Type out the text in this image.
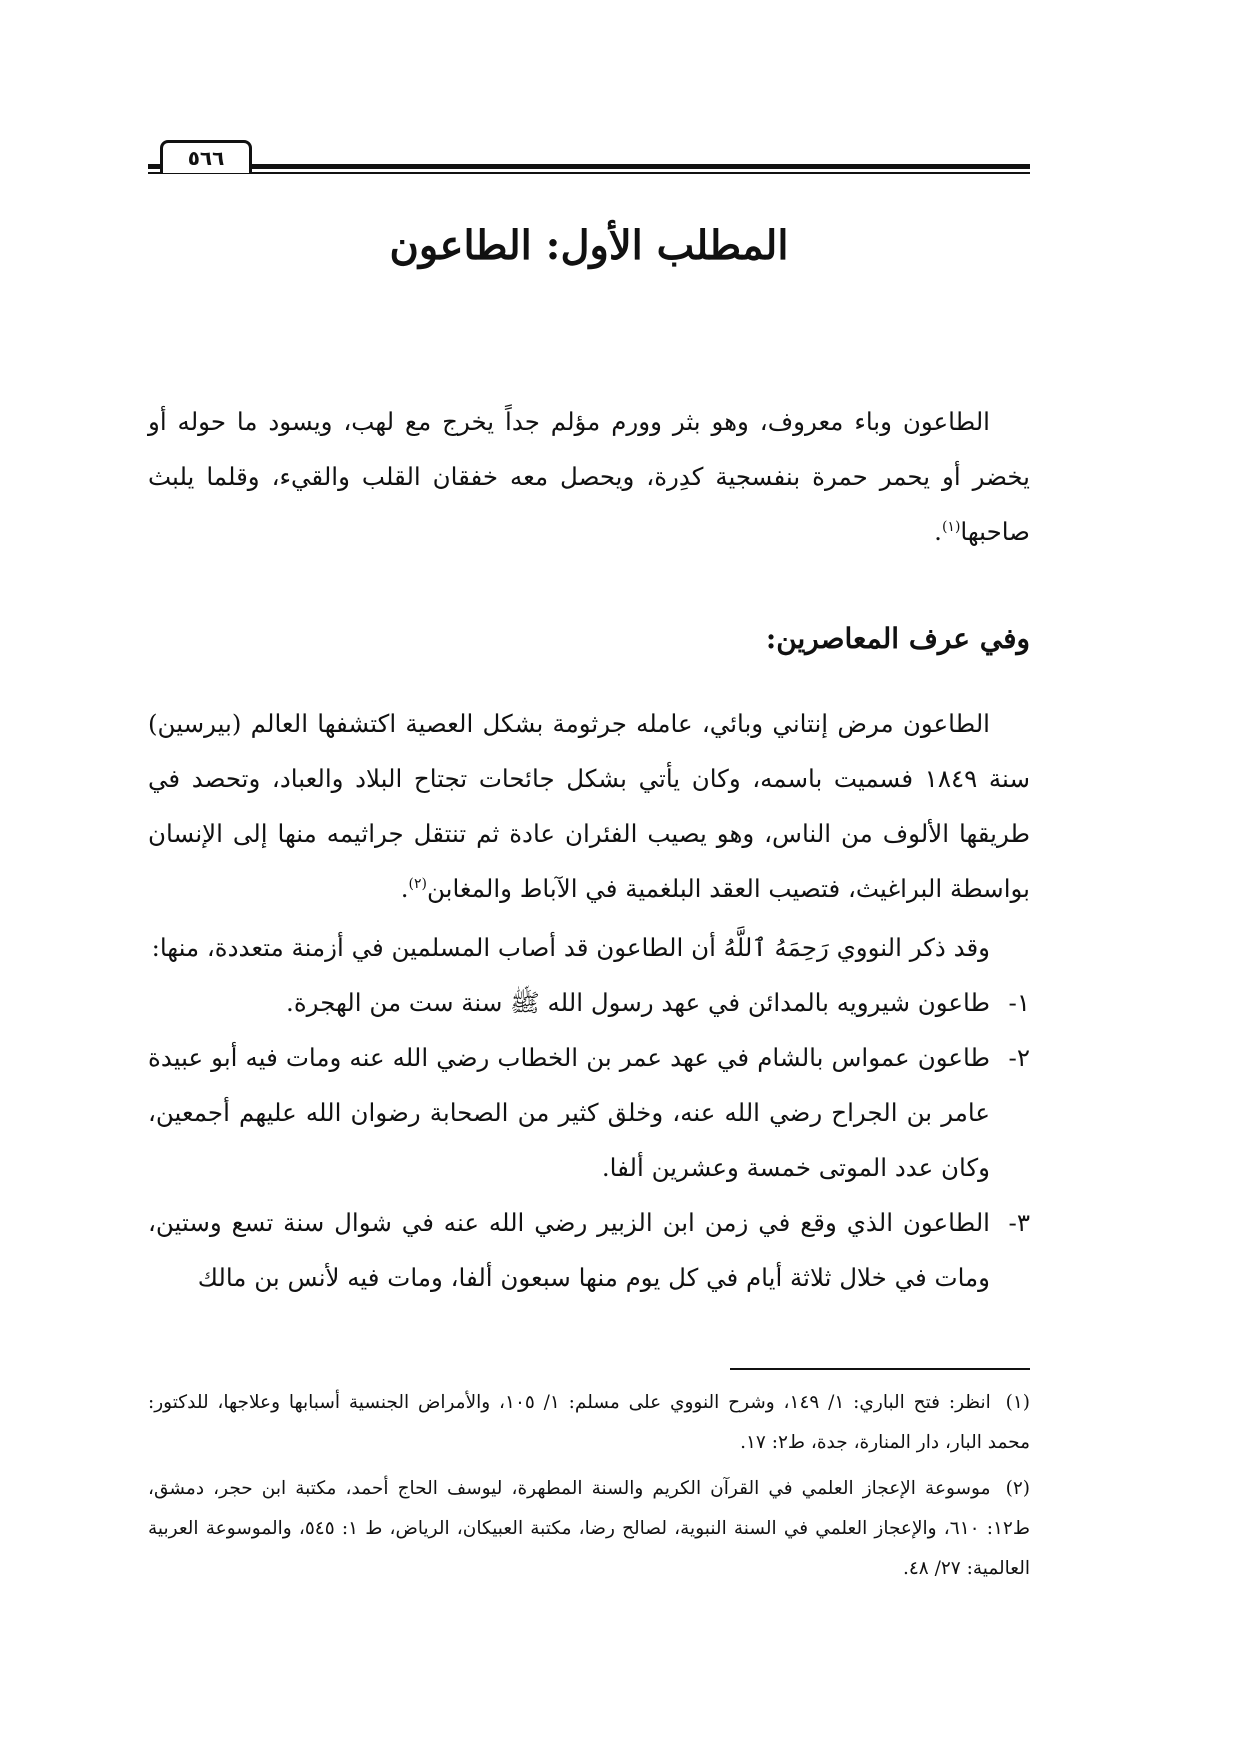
٥٦٦
المطلب الأول: الطاعون

الطاعون وباء معروف، وهو بثر وورم مؤلم جداً يخرج مع لهب، ويسود ما حوله أو يخضر أو يحمر حمرة بنفسجية كدِرة، ويحصل معه خفقان القلب والقيء، وقلما يلبث صاحبها$^{(١)}$.

وفي عرف المعاصرين:

الطاعون مرض إنتاني وبائي، عامله جرثومة بشكل العصية اكتشفها العالم (بيرسين) سنة ١٨٤٩ فسميت باسمه، وكان يأتي بشكل جائحات تجتاح البلاد والعباد، وتحصد في طريقها الألوف من الناس، وهو يصيب الفئران عادة ثم تنتقل جراثيمه منها إلى الإنسان بواسطة البراغيث، فتصيب العقد البلغمية في الآباط والمغابن$^{(٢)}$.

وقد ذكر النووي رَحِمَهُ ٱللَّهُ أن الطاعون قد أصاب المسلمين في أزمنة متعددة، منها:

١-
طاعون شيرويه بالمدائن في عهد رسول الله ﷺ سنة ست من الهجرة.
٢-
طاعون عمواس بالشام في عهد عمر بن الخطاب رضي الله عنه ومات فيه أبو عبيدة عامر بن الجراح رضي الله عنه، وخلق كثير من الصحابة رضوان الله عليهم أجمعين، وكان عدد الموتى خمسة وعشرين ألفا.
٣-
الطاعون الذي وقع في زمن ابن الزبير رضي الله عنه في شوال سنة تسع وستين، ومات في خلال ثلاثة أيام في كل يوم منها سبعون ألفا، ومات فيه لأنس بن مالك
(١) انظر: فتح الباري: ١/ ١٤٩، وشرح النووي على مسلم: ١/ ١٠٥، والأمراض الجنسية أسبابها وعلاجها، للدكتور: محمد البار، دار المنارة، جدة، ط٢: ١٧.
(٢) موسوعة الإعجاز العلمي في القرآن الكريم والسنة المطهرة، ليوسف الحاج أحمد، مكتبة ابن حجر، دمشق، ط١٢: ٦١٠، والإعجاز العلمي في السنة النبوية، لصالح رضا، مكتبة العبيكان، الرياض، ط ١: ٥٤٥، والموسوعة العربية العالمية: ٢٧/ ٤٨.
